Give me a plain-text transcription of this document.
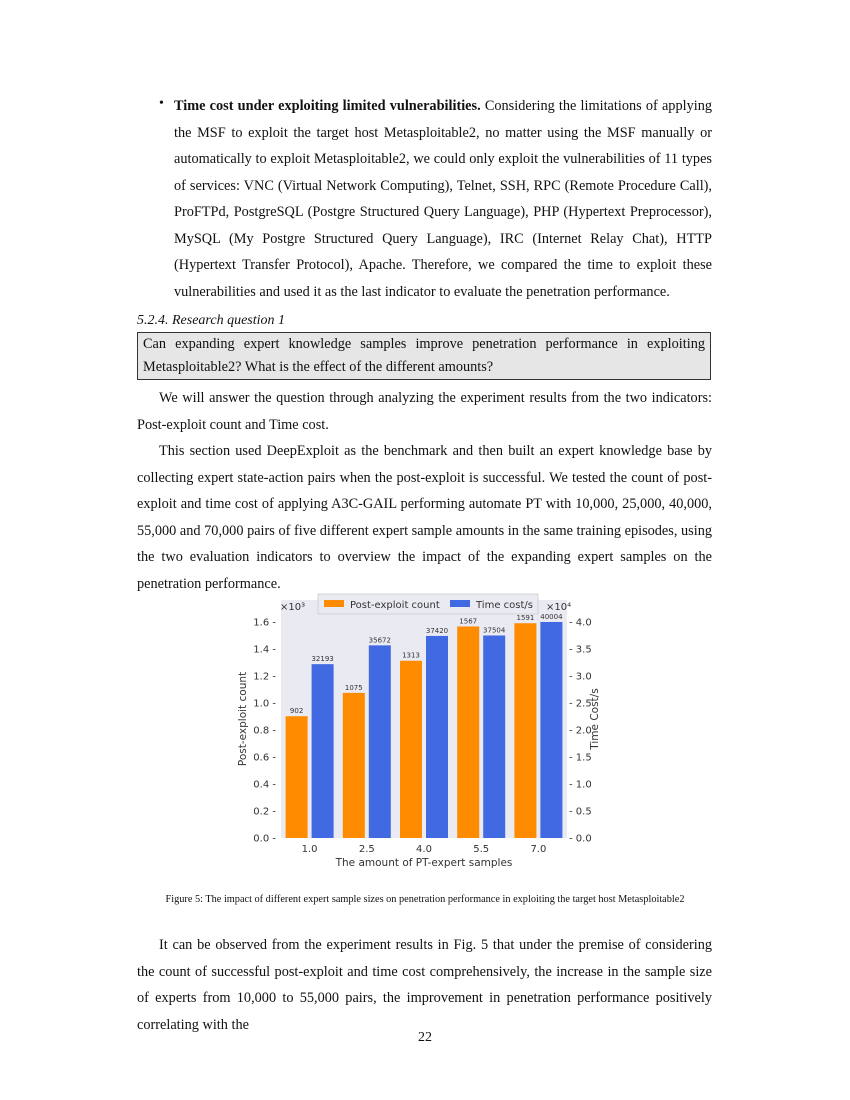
• Time cost under exploiting limited vulnerabilities. Considering the limitations of applying the MSF to exploit the target host Metasploitable2, no matter using the MSF manually or automatically to exploit Metasploitable2, we could only exploit the vulnerabilities of 11 types of services: VNC (Virtual Network Computing), Telnet, SSH, RPC (Remote Procedure Call), ProFTPd, PostgreSQL (Postgre Structured Query Language), PHP (Hypertext Preprocessor), MySQL (My Postgre Structured Query Language), IRC (Internet Relay Chat), HTTP (Hypertext Transfer Protocol), Apache. Therefore, we compared the time to exploit these vulnerabilities and used it as the last indicator to evaluate the penetration performance.
5.2.4. Research question 1
Can expanding expert knowledge samples improve penetration performance in exploiting Metasploitable2? What is the effect of the different amounts?
We will answer the question through analyzing the experiment results from the two indicators: Post-exploit count and Time cost.
This section used DeepExploit as the benchmark and then built an expert knowledge base by collecting expert state-action pairs when the post-exploit is successful. We tested the count of post-exploit and time cost of applying A3C-GAIL performing automate PT with 10,000, 25,000, 40,000, 55,000 and 70,000 pairs of five different expert sample amounts in the same training episodes, using the two evaluation indicators to overview the impact of the expanding expert samples on the penetration performance.
0.0 -
0.2 -
0.4 -
0.6 -
0.8 -
1.0 -
1.2 -
1.4 -
1.6 -
- 0.0
- 0.5
- 1.0
- 1.5
- 2.0
- 2.5
- 3.0
- 3.5
- 4.0
1.0	2.5	4.0	5.5	7.0
902
32193
1075
35672
1313
37420
1567
37504
1591 40004
×10³	×10⁴
Post-exploit count	Time Cost/s
The amount of PT-expert samples
Post-exploit count	Time cost/s
Figure 5: The impact of different expert sample sizes on penetration performance in exploiting the target host Metasploitable2
It can be observed from the experiment results in Fig. 5 that under the premise of considering the count of successful post-exploit and time cost comprehensively, the increase in the sample size of experts from 10,000 to 55,000 pairs, the improvement in penetration performance positively correlating with the
22
